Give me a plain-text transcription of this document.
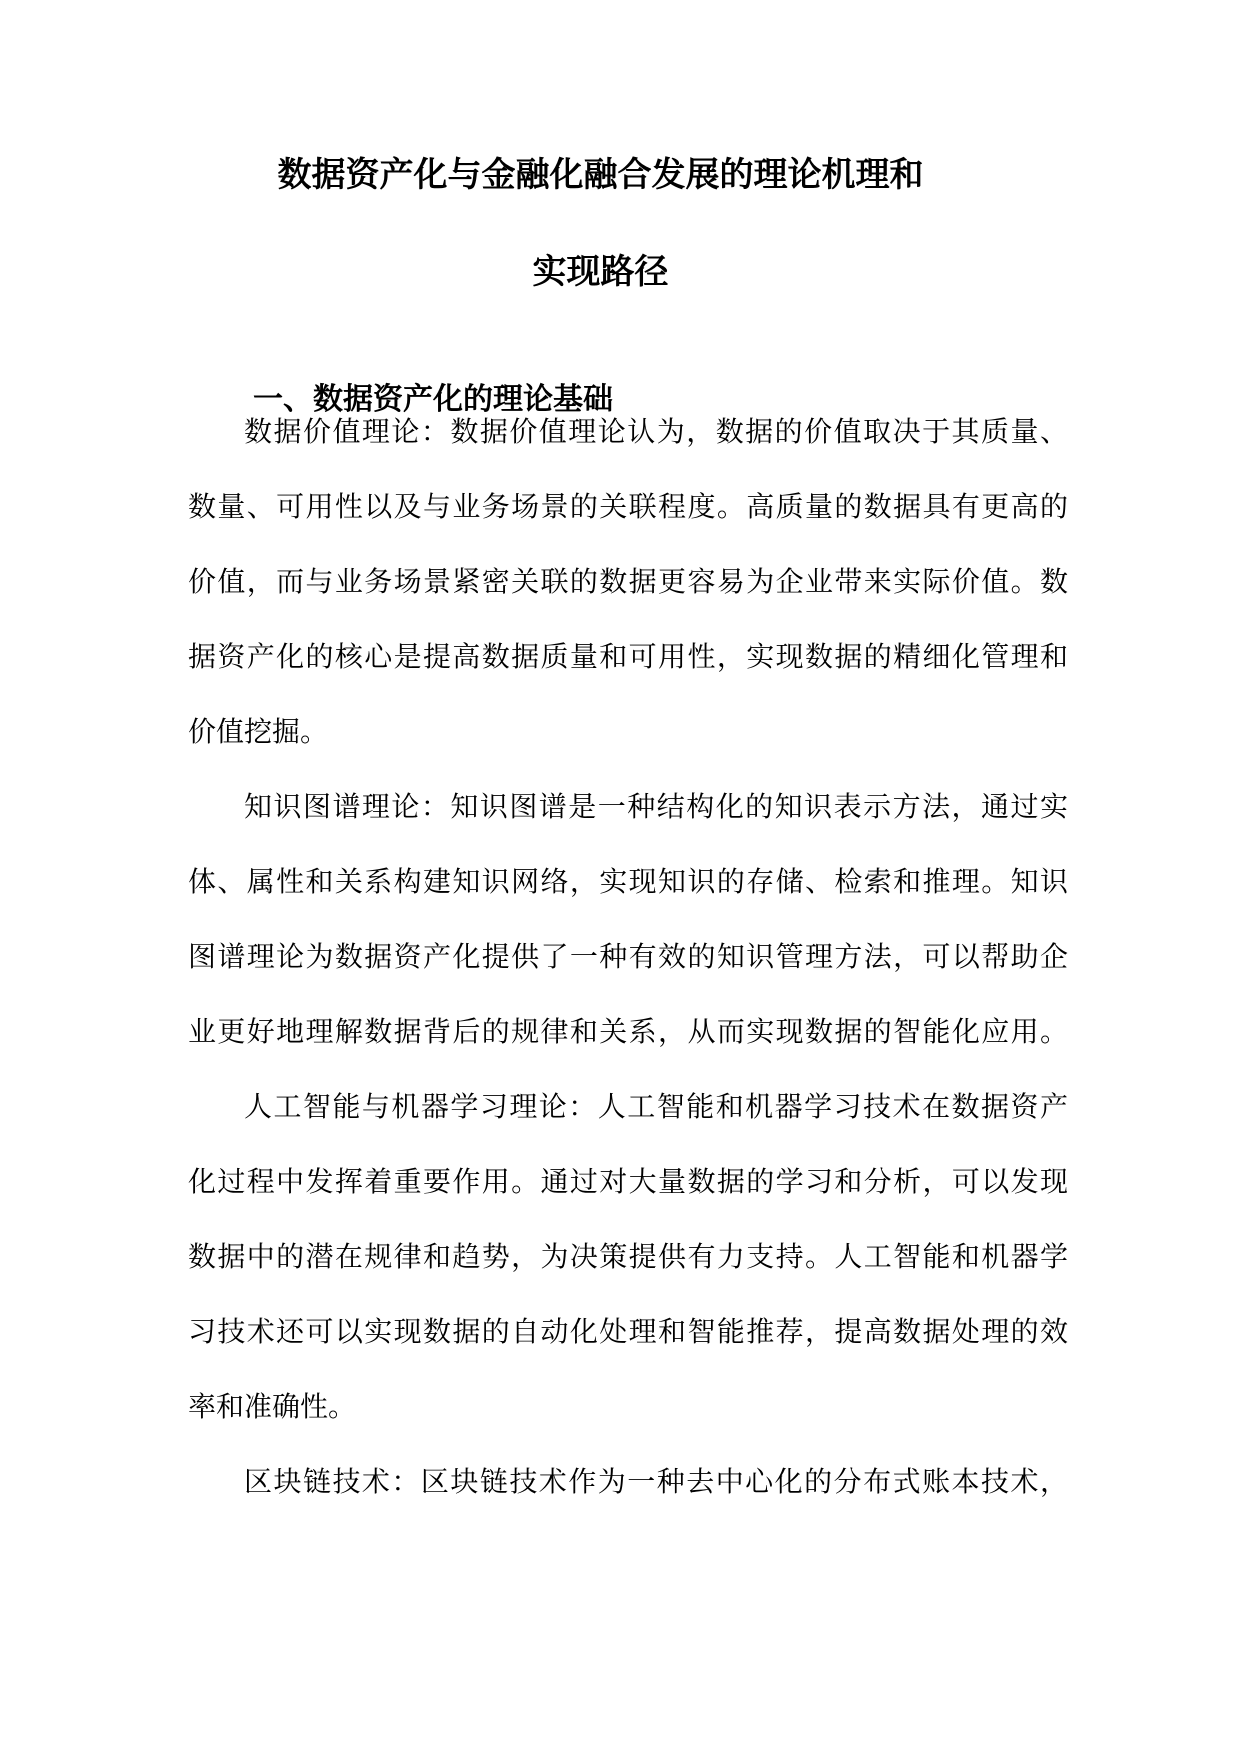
数据资产化与金融化融合发展的理论机理和
实现路径
一、数据资产化的理论基础
数据价值理论：数据价值理论认为，数据的价值取决于其质量、
数量、可用性以及与业务场景的关联程度。高质量的数据具有更高的
价值，而与业务场景紧密关联的数据更容易为企业带来实际价值。数
据资产化的核心是提高数据质量和可用性，实现数据的精细化管理和
价值挖掘。
知识图谱理论：知识图谱是一种结构化的知识表示方法，通过实
体、属性和关系构建知识网络，实现知识的存储、检索和推理。知识
图谱理论为数据资产化提供了一种有效的知识管理方法，可以帮助企
业更好地理解数据背后的规律和关系，从而实现数据的智能化应用。
人工智能与机器学习理论：人工智能和机器学习技术在数据资产
化过程中发挥着重要作用。通过对大量数据的学习和分析，可以发现
数据中的潜在规律和趋势，为决策提供有力支持。人工智能和机器学
习技术还可以实现数据的自动化处理和智能推荐，提高数据处理的效
率和准确性。
区块链技术：区块链技术作为一种去中心化的分布式账本技术，
